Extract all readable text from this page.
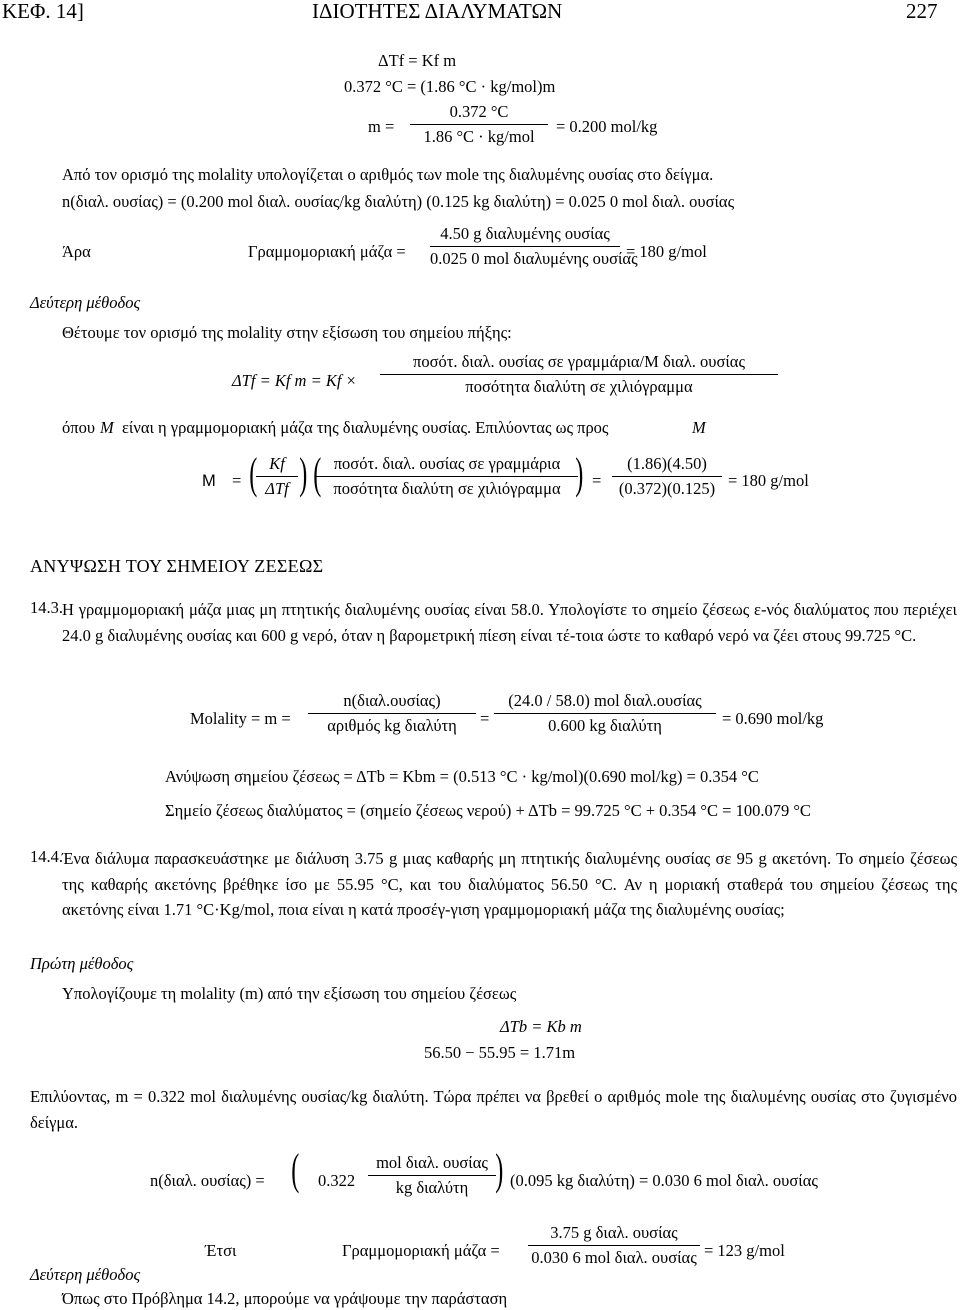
ΚΕΦ. 14]	ΙΔΙΟΤΗΤΕΣ ΔΙΑΛΥΜΑΤΩΝ	227
ΔTf = Kf m
0.372 °C = (1.86 °C · kg/mol)m
m =
0.372 °C
1.86 °C · kg/mol
= 0.200 mol/kg
Από τον ορισμό της molality υπολογίζεται ο αριθμός των mole της διαλυμένης ουσίας στο δείγμα.
n(διαλ. ουσίας) = (0.200 mol διαλ. ουσίας/kg διαλύτη) (0.125 kg διαλύτη) = 0.025 0 mol διαλ. ουσίας
Άρα	Γραμμομοριακή μάζα =
4.50 g διαλυμένης ουσίας
0.025 0 mol διαλυμένης ουσίας
= 180 g/mol
Δεύτερη μέθοδος
Θέτουμε τον ορισμό της molality στην εξίσωση του σημείου πήξης:
ΔTf = Kf m = Kf ×
ποσότ. διαλ. ουσίας σε γραμμάρια/M διαλ. ουσίας
ποσότητα διαλύτη σε χιλιόγραμμα
όπου M είναι η γραμμομοριακή μάζα της διαλυμένης ουσίας. Επιλύοντας ως προς	M
M = ( Kf
ΔTf ) ( ποσότ. διαλ. ουσίας σε γραμμάρια
ποσότητα διαλύτη σε χιλιόγραμμα ) =
(1.86)(4.50)
(0.372)(0.125) = 180 g/mol
ΑΝΥΨΩΣΗ ΤΟΥ ΣΗΜΕΙΟΥ ΖΕΣΕΩΣ
14.3. Η γραμμομοριακή μάζα μιας μη πτητικής διαλυμένης ουσίας είναι 58.0. Υπολογίστε το σημείο ζέσεως ε-νός διαλύματος που περιέχει 24.0 g διαλυμένης ουσίας και 600 g νερό, όταν η βαρομετρική πίεση είναι τέ-τοια ώστε το καθαρό νερό να ζέει στους 99.725 °C.
Molality = m =
n(διαλ.ουσίας)
αριθμός kg διαλύτη	=
(24.0 / 58.0) mol διαλ.ουσίας
0.600 kg διαλύτη	= 0.690 mol/kg
Ανύψωση σημείου ζέσεως = ΔTb = Kbm = (0.513 °C · kg/mol)(0.690 mol/kg) = 0.354 °C
Σημείο ζέσεως διαλύματος = (σημείο ζέσεως νερού) + ΔTb = 99.725 °C + 0.354 °C = 100.079 °C
14.4. Ένα διάλυμα παρασκευάστηκε με διάλυση 3.75 g μιας καθαρής μη πτητικής διαλυμένης ουσίας σε 95 g ακετόνη. Το σημείο ζέσεως της καθαρής ακετόνης βρέθηκε ίσο με 55.95 °C, και του διαλύματος 56.50 °C. Αν η μοριακή σταθερά του σημείου ζέσεως της ακετόνης είναι 1.71 °C·Kg/mol, ποια είναι η κατά προσέγ-γιση γραμμομοριακή μάζα της διαλυμένης ουσίας;
Πρώτη μέθοδος
Υπολογίζουμε τη molality (m) από την εξίσωση του σημείου ζέσεως
ΔTb = Kb m
56.50 − 55.95 = 1.71m
Επιλύοντας, m = 0.322 mol διαλυμένης ουσίας/kg διαλύτη. Τώρα πρέπει να βρεθεί ο αριθμός mole της διαλυμένης ουσίας στο ζυγισμένο δείγμα.
n(διαλ. ουσίας) = ( 0.322
mol διαλ. ουσίας
kg διαλύτη ) (0.095 kg διαλύτη) = 0.030 6 mol διαλ. ουσίας
Έτσι	Γραμμομοριακή μάζα =
3.75 g διαλ. ουσίας
0.030 6 mol διαλ. ουσίας = 123 g/mol
Δεύτερη μέθοδος
Όπως στο Πρόβλημα 14.2, μπορούμε να γράψουμε την παράσταση
